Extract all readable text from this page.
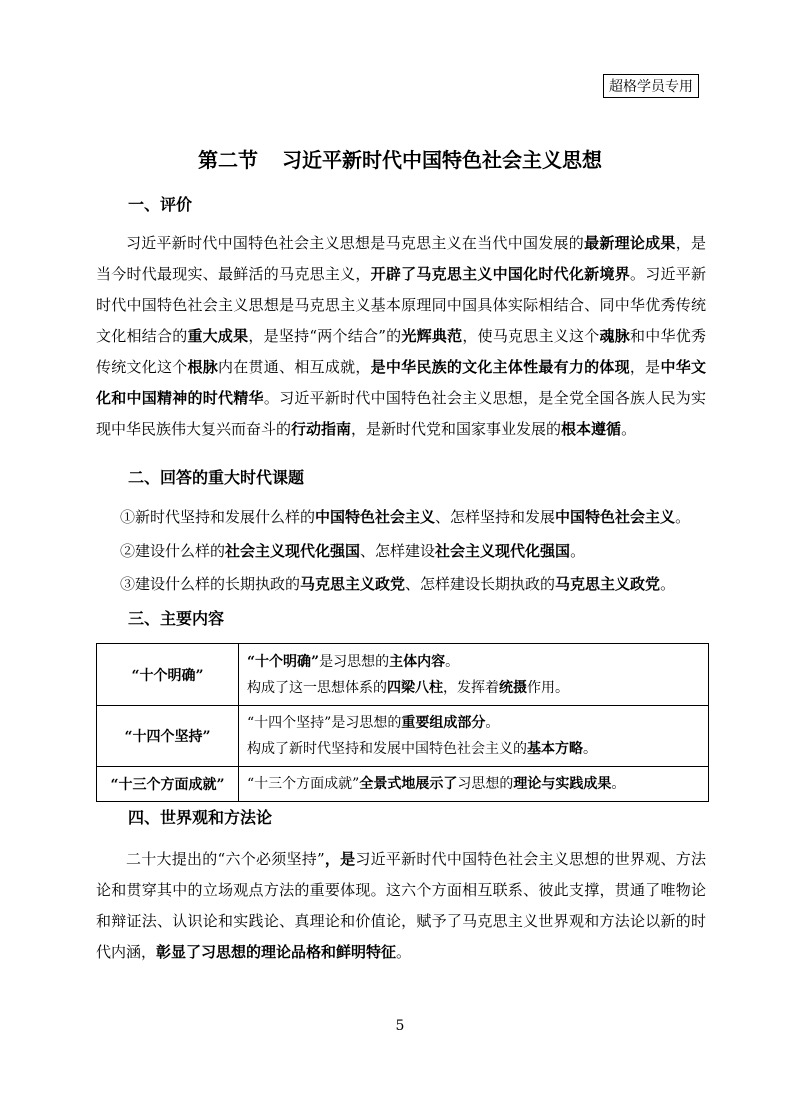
超格学员专用
第二节 习近平新时代中国特色社会主义思想
一、评价

习近平新时代中国特色社会主义思想是马克思主义在当代中国发展的最新理论成果，是当今时代最现实、最鲜活的马克思主义，开辟了马克思主义中国化时代化新境界。习近平新时代中国特色社会主义思想是马克思主义基本原理同中国具体实际相结合、同中华优秀传统文化相结合的重大成果，是坚持“两个结合”的光辉典范，使马克思主义这个魂脉和中华优秀传统文化这个根脉内在贯通、相互成就，是中华民族的文化主体性最有力的体现，是中华文化和中国精神的时代精华。习近平新时代中国特色社会主义思想，是全党全国各族人民为实现中华民族伟大复兴而奋斗的行动指南，是新时代党和国家事业发展的根本遵循。

二、回答的重大时代课题

①新时代坚持和发展什么样的中国特色社会主义、怎样坚持和发展中国特色社会主义。

②建设什么样的社会主义现代化强国、怎样建设社会主义现代化强国。

③建设什么样的长期执政的马克思主义政党、怎样建设长期执政的马克思主义政党。

三、主要内容
“十个明确”	“十个明确”是习思想的主体内容。
构成了这一思想体系的四梁八柱，发挥着统摄作用。

“十四个坚持”	“十四个坚持”是习思想的重要组成部分。
构成了新时代坚持和发展中国特色社会主义的基本方略。

“十三个方面成就”	“十三个方面成就”全景式地展示了习思想的理论与实践成果。
四、世界观和方法论

二十大提出的“六个必须坚持”，是习近平新时代中国特色社会主义思想的世界观、方法论和贯穿其中的立场观点方法的重要体现。这六个方面相互联系、彼此支撑，贯通了唯物论和辩证法、认识论和实践论、真理论和价值论，赋予了马克思主义世界观和方法论以新的时代内涵，彰显了习思想的理论品格和鲜明特征。

5
